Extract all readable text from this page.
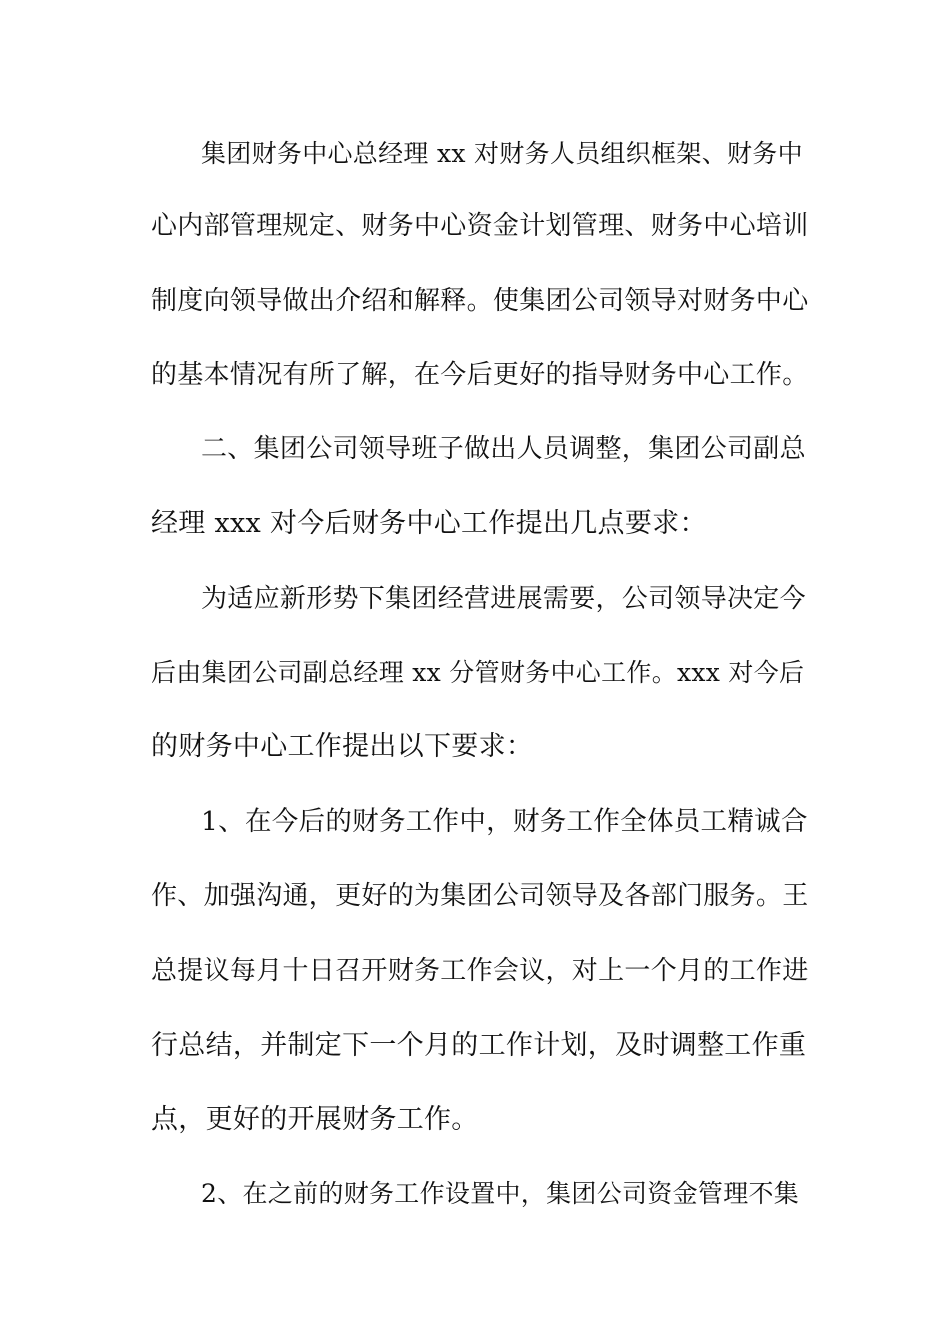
集团财务中心总经理 xx 对财务人员组织框架、财务中
心内部管理规定、财务中心资金计划管理、财务中心培训
制度向领导做出介绍和解释。使集团公司领导对财务中心
的基本情况有所了解，在今后更好的指导财务中心工作。
二、集团公司领导班子做出人员调整，集团公司副总
经理 xxx 对今后财务中心工作提出几点要求：
为适应新形势下集团经营进展需要，公司领导决定今
后由集团公司副总经理 xx 分管财务中心工作。xxx 对今后
的财务中心工作提出以下要求：
1、在今后的财务工作中，财务工作全体员工精诚合
作、加强沟通，更好的为集团公司领导及各部门服务。王
总提议每月十日召开财务工作会议，对上一个月的工作进
行总结，并制定下一个月的工作计划，及时调整工作重
点，更好的开展财务工作。
2、在之前的财务工作设置中，集团公司资金管理不集
